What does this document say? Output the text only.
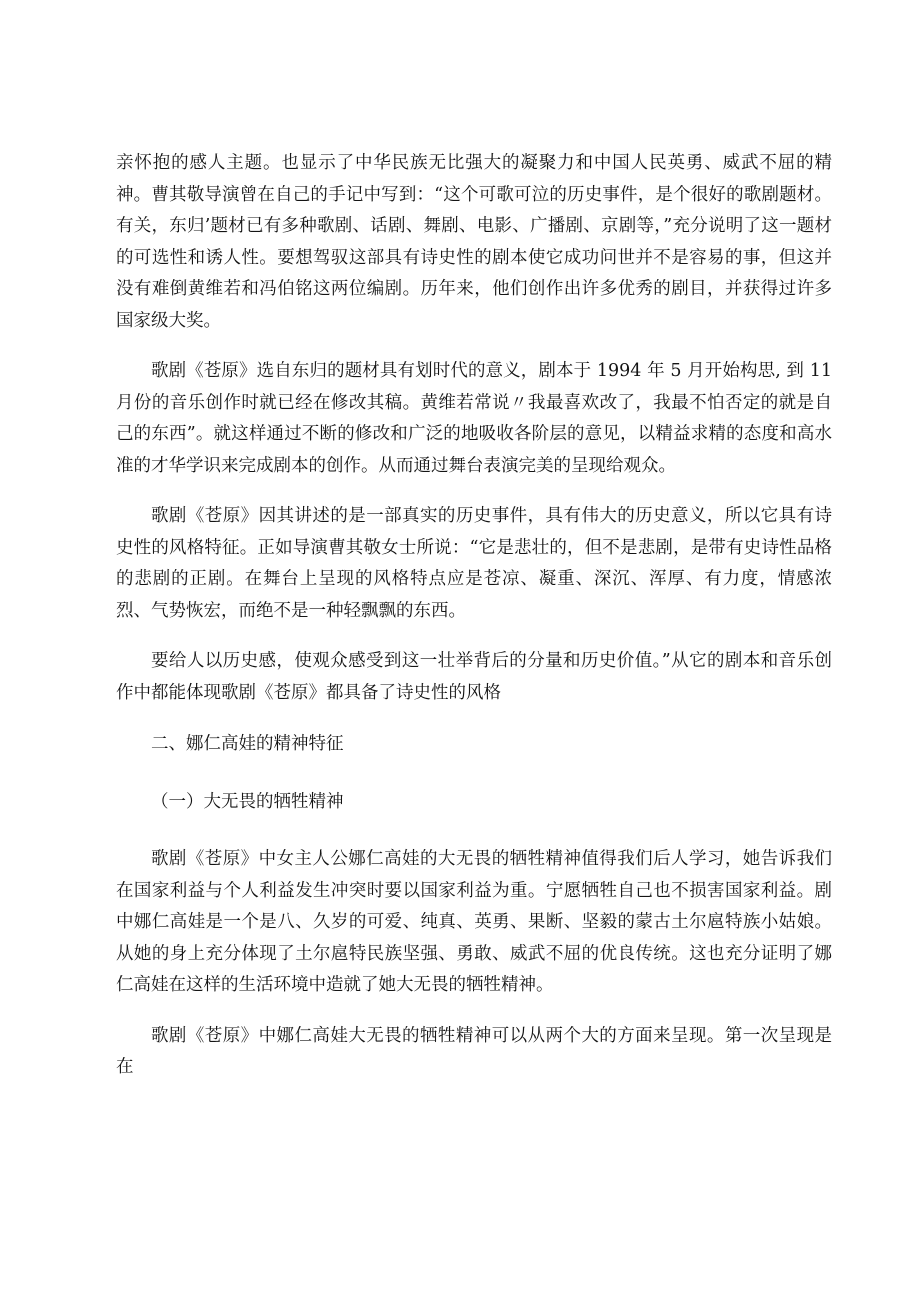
亲怀抱的感人主题。也显示了中华民族无比强大的凝聚力和中国人民英勇、威武不屈的精神。曹其敬导演曾在自己的手记中写到：“这个可歌可泣的历史事件，是个很好的歌剧题材。有关，东归’题材已有多种歌剧、话剧、舞剧、电影、广播剧、京剧等，”充分说明了这一题材的可选性和诱人性。要想驾驭这部具有诗史性的剧本使它成功问世并不是容易的事，但这并没有难倒黄维若和冯伯铭这两位编剧。历年来，他们创作出许多优秀的剧目，并获得过许多国家级大奖。

歌剧《苍原》选自东归的题材具有划时代的意义，剧本于 1994 年 5 月开始构思, 到 11 月份的音乐创作时就已经在修改其稿。黄维若常说〃我最喜欢改了，我最不怕否定的就是自己的东西”。就这样通过不断的修改和广泛的地吸收各阶层的意见，以精益求精的态度和高水准的才华学识来完成剧本的创作。从而通过舞台表演完美的呈现给观众。

歌剧《苍原》因其讲述的是一部真实的历史事件，具有伟大的历史意义，所以它具有诗史性的风格特征。正如导演曹其敬女士所说：“它是悲壮的，但不是悲剧，是带有史诗性品格的悲剧的正剧。在舞台上呈现的风格特点应是苍凉、凝重、深沉、浑厚、有力度，情感浓烈、气势恢宏，而绝不是一种轻飘飘的东西。

要给人以历史感，使观众感受到这一壮举背后的分量和历史价值。”从它的剧本和音乐创作中都能体现歌剧《苍原》都具备了诗史性的风格

二、娜仁高娃的精神特征

（一）大无畏的牺牲精神

歌剧《苍原》中女主人公娜仁高娃的大无畏的牺牲精神值得我们后人学习，她告诉我们在国家利益与个人利益发生冲突时要以国家利益为重。宁愿牺牲自己也不损害国家利益。剧中娜仁高娃是一个是八、久岁的可爱、纯真、英勇、果断、坚毅的蒙古土尔扈特族小姑娘。从她的身上充分体现了土尔扈特民族坚强、勇敢、威武不屈的优良传统。这也充分证明了娜仁高娃在这样的生活环境中造就了她大无畏的牺牲精神。

歌剧《苍原》中娜仁高娃大无畏的牺牲精神可以从两个大的方面来呈现。第一次呈现是在
